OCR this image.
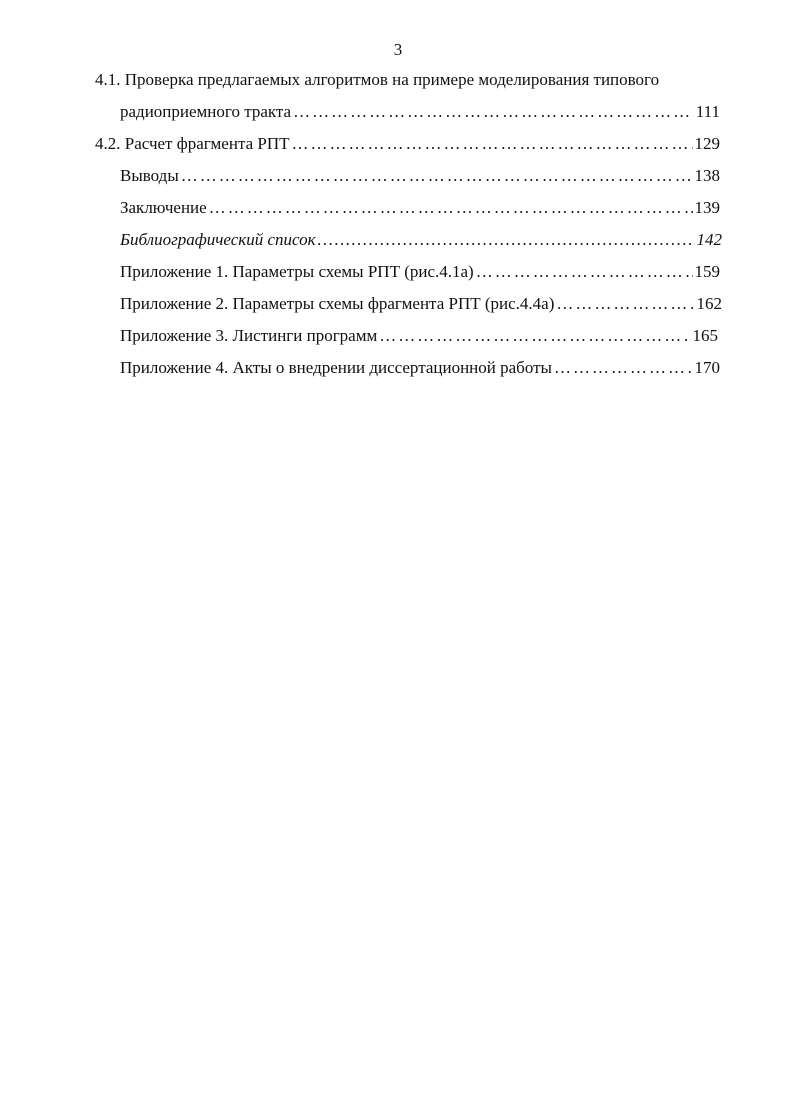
3
4.1. Проверка предлагаемых алгоритмов на примере моделирования типового
радиоприемного тракта ………………………………………………………………………………………………………………………………………………………………	111
4.2. Расчет фрагмента РПТ ………………………………………………………………………………………………………………………………………………………………	129
Выводы ………………………………………………………………………………………………………………………………………………………………	138
Заключение ………………………………………………………………………………………………………………………………………………………………	139
Библиографический список ………………………………………………………………………………………………………………………………………………………………	142
Приложение 1. Параметры схемы РПТ (рис.4.1а) ………………………………………………………………………………………………………………………………………………………………	159
Приложение 2. Параметры схемы фрагмента РПТ (рис.4.4а) ………………………………………………………………………………………………………………………………………………………………	162
Приложение 3. Листинги программ ………………………………………………………………………………………………………………………………………………………………	165
Приложение 4. Акты о внедрении диссертационной работы ………………………………………………………………………………………………………………………………………………………………	170
